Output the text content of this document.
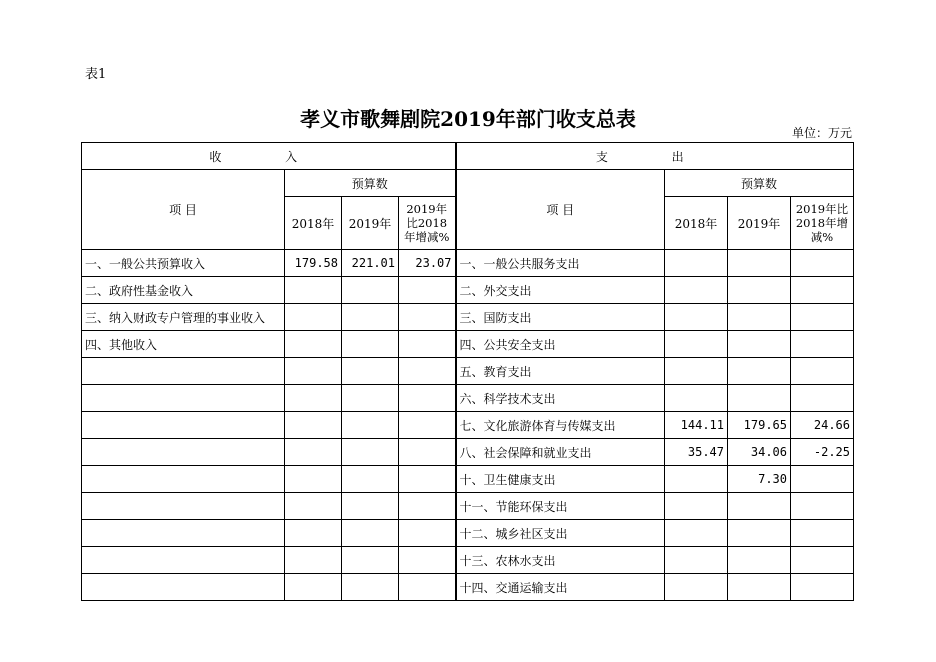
表1
孝义市歌舞剧院2019年部门收支总表
单位：万元
收 入				支 出			
项 目	预算数			项 目	预算数		
	2018年	2019年	2019年比2018年增减%		2018年	2019年	2019年比2018年增减%
一、一般公共预算收入	179.58	221.01	23.07	一、一般公共服务支出			
二、政府性基金收入				二、外交支出			
三、纳入财政专户管理的事业收入				三、国防支出			
四、其他收入				四、公共安全支出			
				五、教育支出			
				六、科学技术支出			
				七、文化旅游体育与传媒支出	144.11	179.65	24.66
				八、社会保障和就业支出	35.47	34.06	-2.25
				十、卫生健康支出		7.30	
				十一、节能环保支出			
				十二、城乡社区支出			
				十三、农林水支出			
				十四、交通运输支出			
